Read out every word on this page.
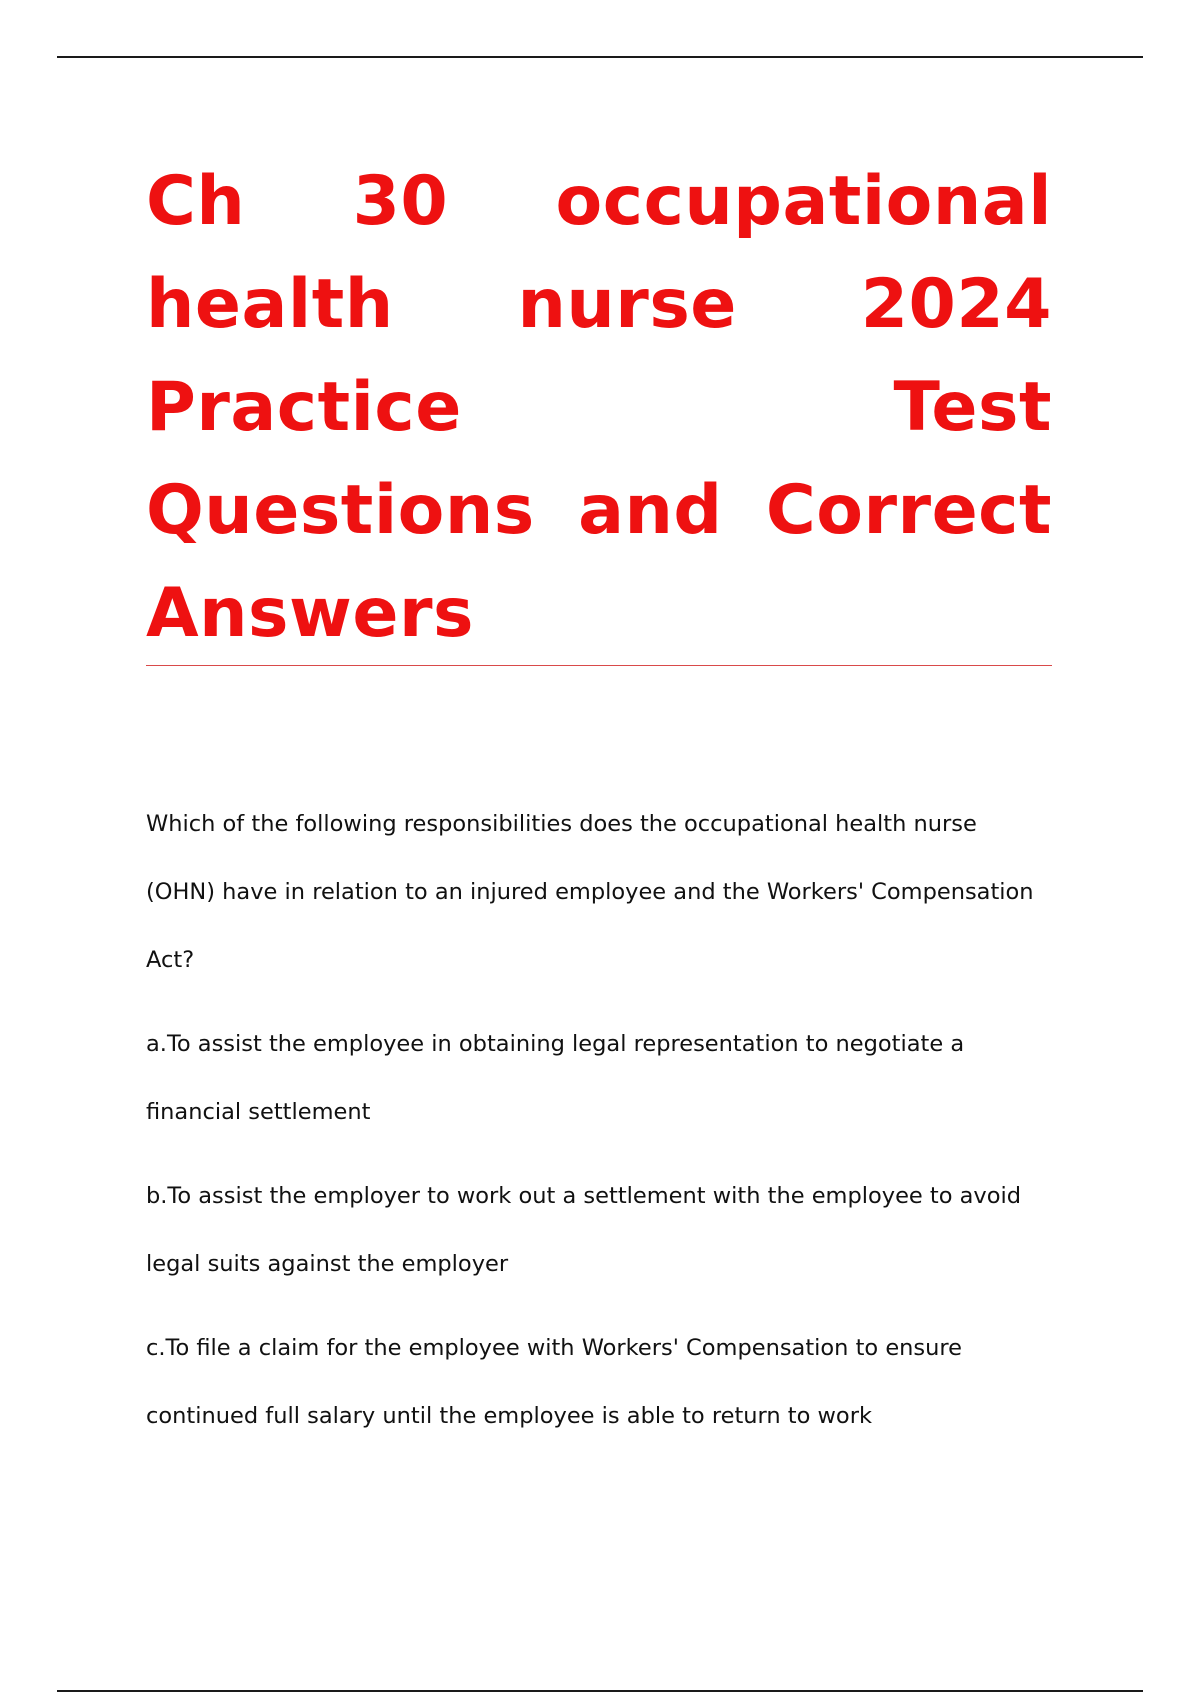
Ch 30 occupational health nurse 2024 Practice Test Questions and Correct Answers

Which of the following responsibilities does the occupational health nurse (OHN) have in relation to an injured employee and the Workers' Compensation Act?

a.To assist the employee in obtaining legal representation to negotiate a financial settlement

b.To assist the employer to work out a settlement with the employee to avoid legal suits against the employer

c.To file a claim for the employee with Workers' Compensation to ensure continued full salary until the employee is able to return to work
